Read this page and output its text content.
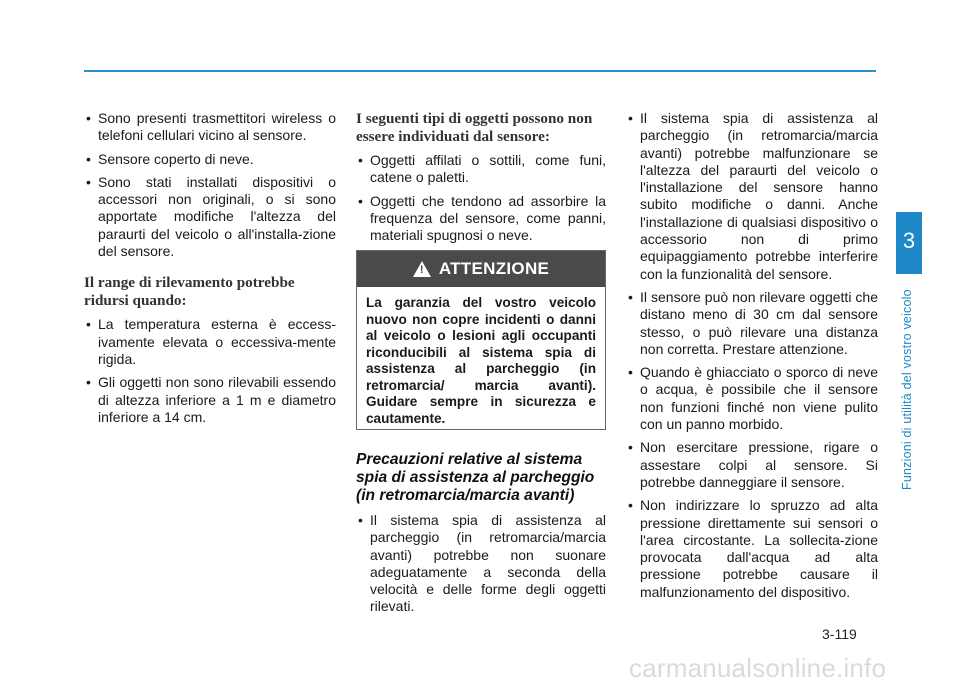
3
Funzioni di utilità del vostro veicolo
• Sono presenti trasmettitori wireless o telefoni cellulari vicino al sensore.
• Sensore coperto di neve.
• Sono stati installati dispositivi o accessori non originali, o si sono apportate modifiche l'altezza del paraurti del veicolo o all'installa-zione del sensore.
Il range di rilevamento potrebbe ridursi quando:
• La temperatura esterna è eccess-ivamente elevata o eccessiva-mente rigida.
• Gli oggetti non sono rilevabili essendo di altezza inferiore a 1 m e diametro inferiore a 14 cm.
I seguenti tipi di oggetti possono non essere individuati dal sensore:
• Oggetti affilati o sottili, come funi, catene o paletti.
• Oggetti che tendono ad assorbire la frequenza del sensore, come panni, materiali spugnosi o neve.
! ATTENZIONE
La garanzia del vostro veicolo nuovo non copre incidenti o danni al veicolo o lesioni agli occupanti riconducibili al sistema spia di assistenza al parcheggio (in retromarcia/ marcia avanti). Guidare sempre in sicurezza e cautamente.
Precauzioni relative al sistema spia di assistenza al parcheggio (in retromarcia/marcia avanti)
• Il sistema spia di assistenza al parcheggio (in retromarcia/marcia avanti) potrebbe non suonare adeguatamente a seconda della velocità e delle forme degli oggetti rilevati.
• Il sistema spia di assistenza al parcheggio (in retromarcia/marcia avanti) potrebbe malfunzionare se l'altezza del paraurti del veicolo o l'installazione del sensore hanno subito modifiche o danni. Anche l'installazione di qualsiasi dispositivo o accessorio non di primo equipaggiamento potrebbe interferire con la funzionalità del sensore.
• Il sensore può non rilevare oggetti che distano meno di 30 cm dal sensore stesso, o può rilevare una distanza non corretta. Prestare attenzione.
• Quando è ghiacciato o sporco di neve o acqua, è possibile che il sensore non funzioni finché non viene pulito con un panno morbido.
• Non esercitare pressione, rigare o assestare colpi al sensore. Si potrebbe danneggiare il sensore.
• Non indirizzare lo spruzzo ad alta pressione direttamente sui sensori o l'area circostante. La sollecita-zione provocata dall'acqua ad alta pressione potrebbe causare il malfunzionamento del dispositivo.
3-119
carmanualsonline.info
